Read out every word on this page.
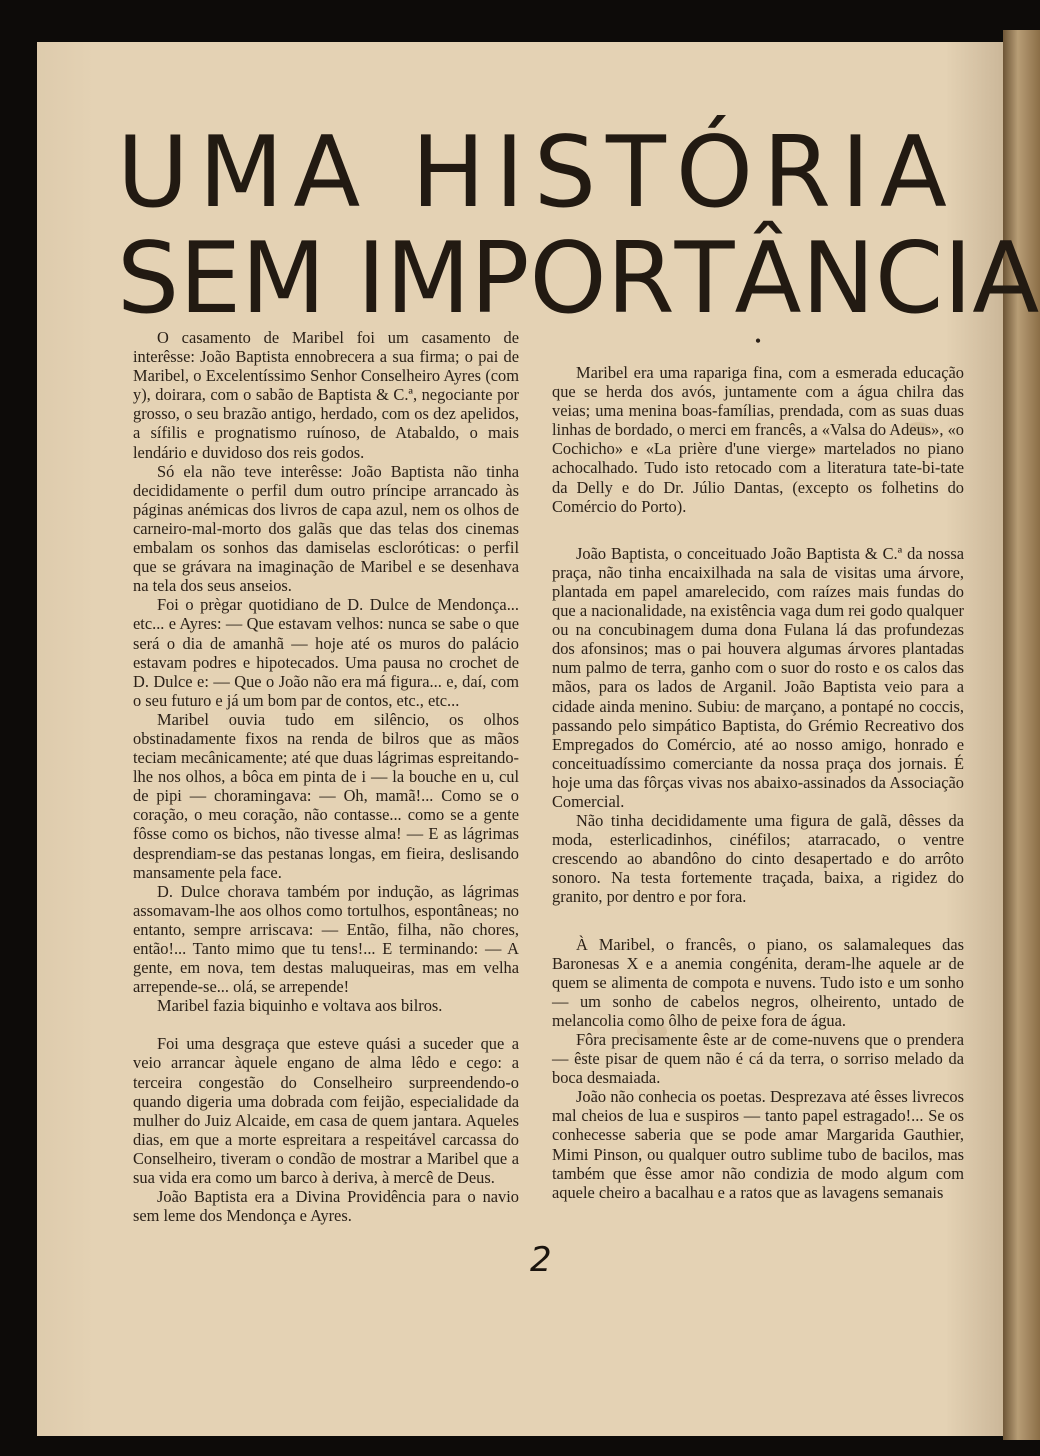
U M A
H I S T Ó R I A
S E M
I M P O R T Â N C I A

O casamento de Maribel foi um casamento de interêsse: João Baptista ennobrecera a sua firma; o pai de Maribel, o Excelentíssimo Senhor Conselheiro Ayres (com y), doirara, com o sabão de Baptista & C.ª, negociante por grosso, o seu brazão antigo, herdado, com os dez apelidos, a sífilis e prognatismo ruínoso, de Atabaldo, o mais lendário e duvidoso dos reis godos.

Só ela não teve interêsse: João Baptista não tinha decididamente o perfil dum outro príncipe arrancado às páginas anémicas dos livros de capa azul, nem os olhos de carneiro-mal-morto dos galãs que das telas dos cinemas embalam os sonhos das damiselas escloróticas: o perfil que se grávara na imaginação de Maribel e se desenhava na tela dos seus anseios.

Foi o prègar quotidiano de D. Dulce de Mendonça... etc... e Ayres: — Que estavam velhos: nunca se sabe o que será o dia de amanhã — hoje até os muros do palácio estavam podres e hipotecados. Uma pausa no crochet de D. Dulce e: — Que o João não era má figura... e, daí, com o seu futuro e já um bom par de contos, etc., etc...

Maribel ouvia tudo em silêncio, os olhos obstinadamente fixos na renda de bilros que as mãos teciam mecânicamente; até que duas lágrimas espreitando-lhe nos olhos, a bôca em pinta de i — la bouche en u, cul de pipi — choramingava: — Oh, mamã!... Como se o coração, o meu coração, não contasse... como se a gente fôsse como os bichos, não tivesse alma! — E as lágrimas desprendiam-se das pestanas longas, em fieira, deslisando mansamente pela face.

D. Dulce chorava também por indução, as lágrimas assomavam-lhe aos olhos como tortulhos, espontâneas; no entanto, sempre arriscava: — Então, filha, não chores, então!... Tanto mimo que tu tens!... E terminando: — A gente, em nova, tem destas maluqueiras, mas em velha arrepende-se... olá, se arrepende!

Maribel fazia biquinho e voltava aos bilros.

Foi uma desgraça que esteve quási a suceder que a veio arrancar àquele engano de alma lêdo e cego: a terceira congestão do Conselheiro surpreendendo-o quando digeria uma dobrada com feijão, especialidade da mulher do Juiz Alcaide, em casa de quem jantara. Aqueles dias, em que a morte espreitara a respeitável carcassa do Conselheiro, tiveram o condão de mostrar a Maribel que a sua vida era como um barco à deriva, à mercê de Deus.

João Baptista era a Divina Providência para o navio sem leme dos Mendonça e Ayres.

•

Maribel era uma rapariga fina, com a esmerada educação que se herda dos avós, juntamente com a água chilra das veias; uma menina boas-famílias, prendada, com as suas duas linhas de bordado, o merci em francês, a «Valsa do Adeus», «o Cochicho» e «La prière d'une vierge» martelados no piano achocalhado. Tudo isto retocado com a literatura tate-bi-tate da Delly e do Dr. Júlio Dantas, (excepto os folhetins do Comércio do Porto).

João Baptista, o conceituado João Baptista & C.ª da nossa praça, não tinha encaixilhada na sala de visitas uma árvore, plantada em papel amarelecido, com raízes mais fundas do que a nacionalidade, na existência vaga dum rei godo qualquer ou na concubinagem duma dona Fulana lá das profundezas dos afonsinos; mas o pai houvera algumas árvores plantadas num palmo de terra, ganho com o suor do rosto e os calos das mãos, para os lados de Arganil. João Baptista veio para a cidade ainda menino. Subiu: de marçano, a pontapé no coccis, passando pelo simpático Baptista, do Grémio Recreativo dos Empregados do Comércio, até ao nosso amigo, honrado e conceituadíssimo comerciante da nossa praça dos jornais. É hoje uma das fôrças vivas nos abaixo-assinados da Associação Comercial.

Não tinha decididamente uma figura de galã, dêsses da moda, esterlicadinhos, cinéfilos; atarracado, o ventre crescendo ao abandôno do cinto desapertado e do arrôto sonoro. Na testa fortemente traçada, baixa, a rigidez do granito, por dentro e por fora.

À Maribel, o francês, o piano, os salamaleques das Baronesas X e a anemia congénita, deram-lhe aquele ar de quem se alimenta de compota e nuvens. Tudo isto e um sonho — um sonho de cabelos negros, olheirento, untado de melancolia como ôlho de peixe fora de água.

Fôra precisamente êste ar de come-nuvens que o prendera — êste pisar de quem não é cá da terra, o sorriso melado da boca desmaiada.

João não conhecia os poetas. Desprezava até êsses livrecos mal cheios de lua e suspiros — tanto papel estragado!... Se os conhecesse saberia que se pode amar Margarida Gauthier, Mimi Pinson, ou qualquer outro sublime tubo de bacilos, mas também que êsse amor não condizia de modo algum com aquele cheiro a bacalhau e a ratos que as lavagens semanais

2
